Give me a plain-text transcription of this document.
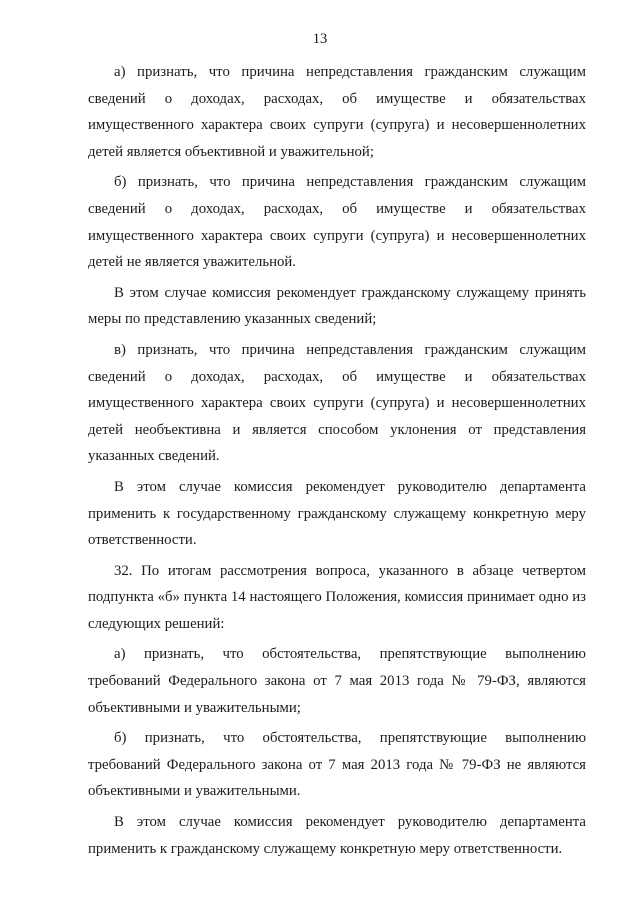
13

а) признать, что причина непредставления гражданским служащим сведений о доходах, расходах, об имуществе и обязательствах имущественного характера своих супруги (супруга) и несовершеннолетних детей является объективной и уважительной;

б) признать, что причина непредставления гражданским служащим сведений о доходах, расходах, об имуществе и обязательствах имущественного характера своих супруги (супруга) и несовершеннолетних детей не является уважительной.

В этом случае комиссия рекомендует гражданскому служащему принять меры по представлению указанных сведений;

в) признать, что причина непредставления гражданским служащим сведений о доходах, расходах, об имуществе и обязательствах имущественного характера своих супруги (супруга) и несовершеннолетних детей необъективна и является способом уклонения от представления указанных сведений.

В этом случае комиссия рекомендует руководителю департамента применить к государственному гражданскому служащему конкретную меру ответственности.

32. По итогам рассмотрения вопроса, указанного в абзаце четвертом подпункта «б» пункта 14 настоящего Положения, комиссия принимает одно из следующих решений:

а) признать, что обстоятельства, препятствующие выполнению требований Федерального закона от 7 мая 2013 года № 79-ФЗ, являются объективными и уважительными;

б) признать, что обстоятельства, препятствующие выполнению требований Федерального закона от 7 мая 2013 года № 79-ФЗ не являются объективными и уважительными.

В этом случае комиссия рекомендует руководителю департамента применить к гражданскому служащему конкретную меру ответственности.
